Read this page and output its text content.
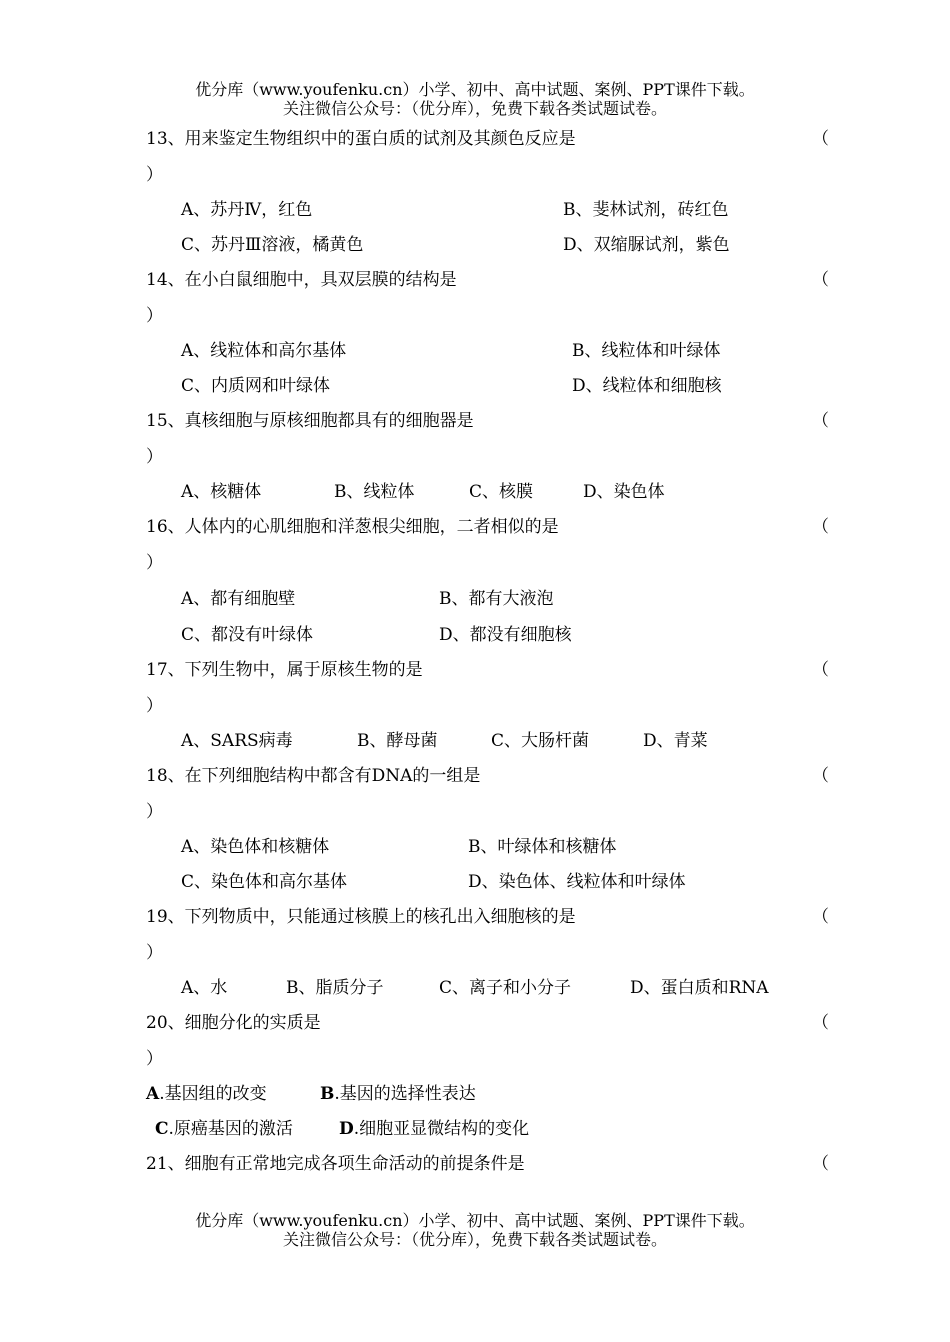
优分库（www.youfenku.cn）小学、初中、高中试题、案例、PPT课件下载。
关注微信公众号：（优分库），免费下载各类试题试卷。
13、用来鉴定生物组织中的蛋白质的试剂及其颜色反应是	（
）
A、苏丹Ⅳ，红色	B、斐林试剂，砖红色
C、苏丹Ⅲ溶液，橘黄色	D、双缩脲试剂，紫色
14、在小白鼠细胞中，具双层膜的结构是	（
）
A、线粒体和高尔基体	B、线粒体和叶绿体
C、内质网和叶绿体	D、线粒体和细胞核
15、真核细胞与原核细胞都具有的细胞器是	（
）
A、核糖体	B、线粒体	C、核膜	D、染色体
16、人体内的心肌细胞和洋葱根尖细胞，二者相似的是	（
）
A、都有细胞壁	B、都有大液泡
C、都没有叶绿体	D、都没有细胞核
17、下列生物中，属于原核生物的是	（
）
A、SARS病毒	B、酵母菌	C、大肠杆菌	D、青菜
18、在下列细胞结构中都含有DNA的一组是	（
）
A、染色体和核糖体	B、叶绿体和核糖体
C、染色体和高尔基体	D、染色体、线粒体和叶绿体
19、下列物质中，只能通过核膜上的核孔出入细胞核的是	（
）
A、水	B、脂质分子	C、离子和小分子	D、蛋白质和RNA
20、细胞分化的实质是	（
）
A.基因组的改变	B.基因的选择性表达
C.原癌基因的激活	D.细胞亚显微结构的变化
21、细胞有正常地完成各项生命活动的前提条件是	（
优分库（www.youfenku.cn）小学、初中、高中试题、案例、PPT课件下载。
关注微信公众号：（优分库），免费下载各类试题试卷。
